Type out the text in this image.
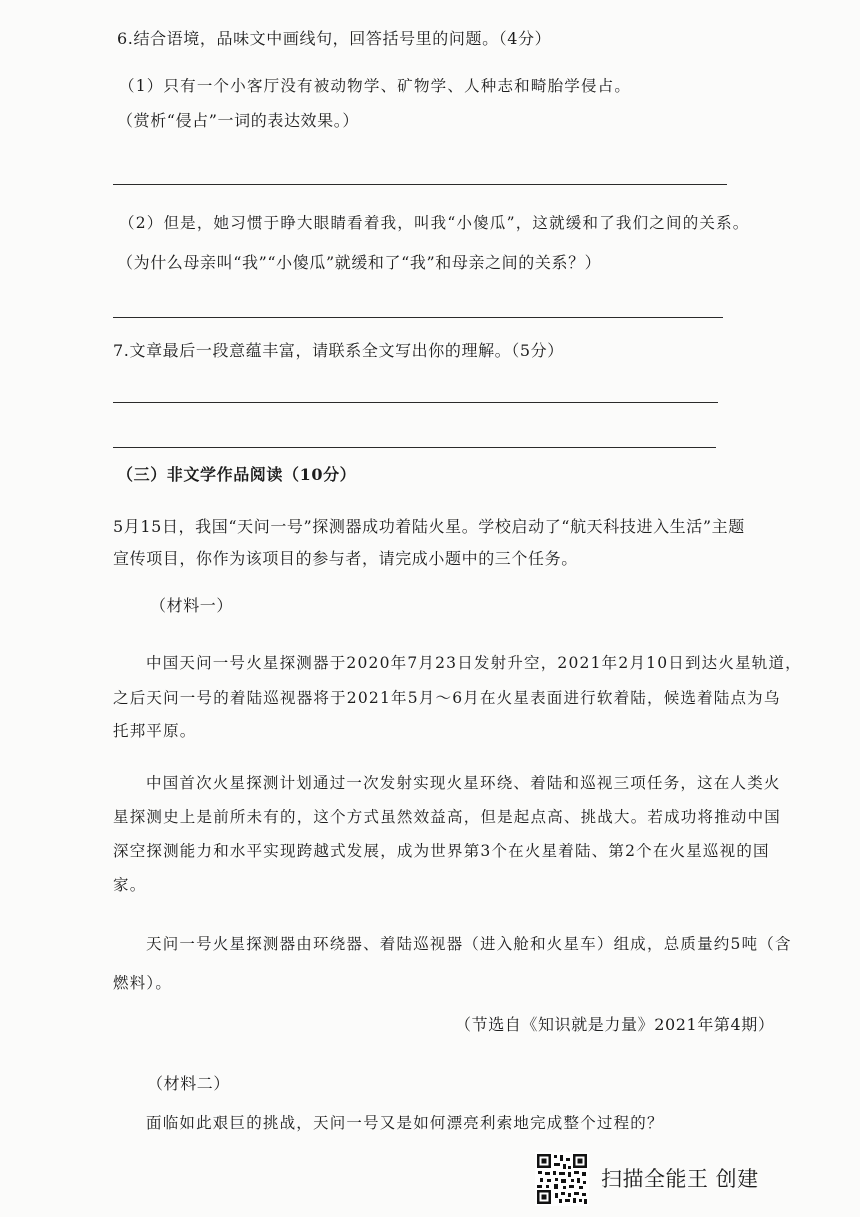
6.结合语境，品味文中画线句，回答括号里的问题。（4分）
（1）只有一个小客厅没有被动物学、矿物学、人种志和畸胎学侵占。
（赏析“侵占”一词的表达效果。）
（2）但是，她习惯于睁大眼睛看着我，叫我“小傻瓜”，这就缓和了我们之间的关系。
（为什么母亲叫“我”“小傻瓜”就缓和了“我”和母亲之间的关系？）
7.文章最后一段意蕴丰富，请联系全文写出你的理解。（5分）
（三）非文学作品阅读（10分）
5月15日，我国“天问一号”探测器成功着陆火星。学校启动了“航天科技进入生活”主题
宣传项目，你作为该项目的参与者，请完成小题中的三个任务。
（材料一）
中国天问一号火星探测器于2020年7月23日发射升空，2021年2月10日到达火星轨道，
之后天问一号的着陆巡视器将于2021年5月～6月在火星表面进行软着陆，候选着陆点为乌
托邦平原。
中国首次火星探测计划通过一次发射实现火星环绕、着陆和巡视三项任务，这在人类火
星探测史上是前所未有的，这个方式虽然效益高，但是起点高、挑战大。若成功将推动中国
深空探测能力和水平实现跨越式发展，成为世界第3个在火星着陆、第2个在火星巡视的国
家。
天问一号火星探测器由环绕器、着陆巡视器（进入舱和火星车）组成，总质量约5吨（含
燃料）。
（节选自《知识就是力量》2021年第4期）
（材料二）
面临如此艰巨的挑战，天问一号又是如何漂亮利索地完成整个过程的？
扫描全能王 创建
